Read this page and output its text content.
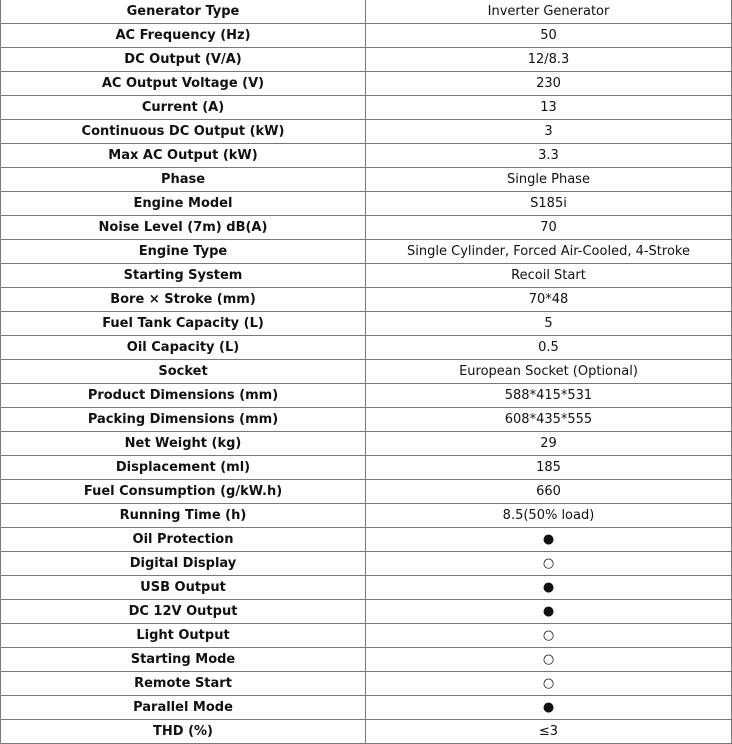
Generator Type	Inverter Generator
AC Frequency (Hz)	50
DC Output (V/A)	12/8.3
AC Output Voltage (V)	230
Current (A)	13
Continuous DC Output (kW)	3
Max AC Output (kW)	3.3
Phase	Single Phase
Engine Model	S185i
Noise Level (7m) dB(A)	70
Engine Type	Single Cylinder, Forced Air-Cooled, 4-Stroke
Starting System	Recoil Start
Bore × Stroke (mm)	70*48
Fuel Tank Capacity (L)	5
Oil Capacity (L)	0.5
Socket	European Socket (Optional)
Product Dimensions (mm)	588*415*531
Packing Dimensions (mm)	608*435*555
Net Weight (kg)	29
Displacement (ml)	185
Fuel Consumption (g/kW.h)	660
Running Time (h)	8.5(50% load)
Oil Protection	●
Digital Display	○
USB Output	●
DC 12V Output	●
Light Output	○
Starting Mode	○
Remote Start	○
Parallel Mode	●
THD (%)	≤3
